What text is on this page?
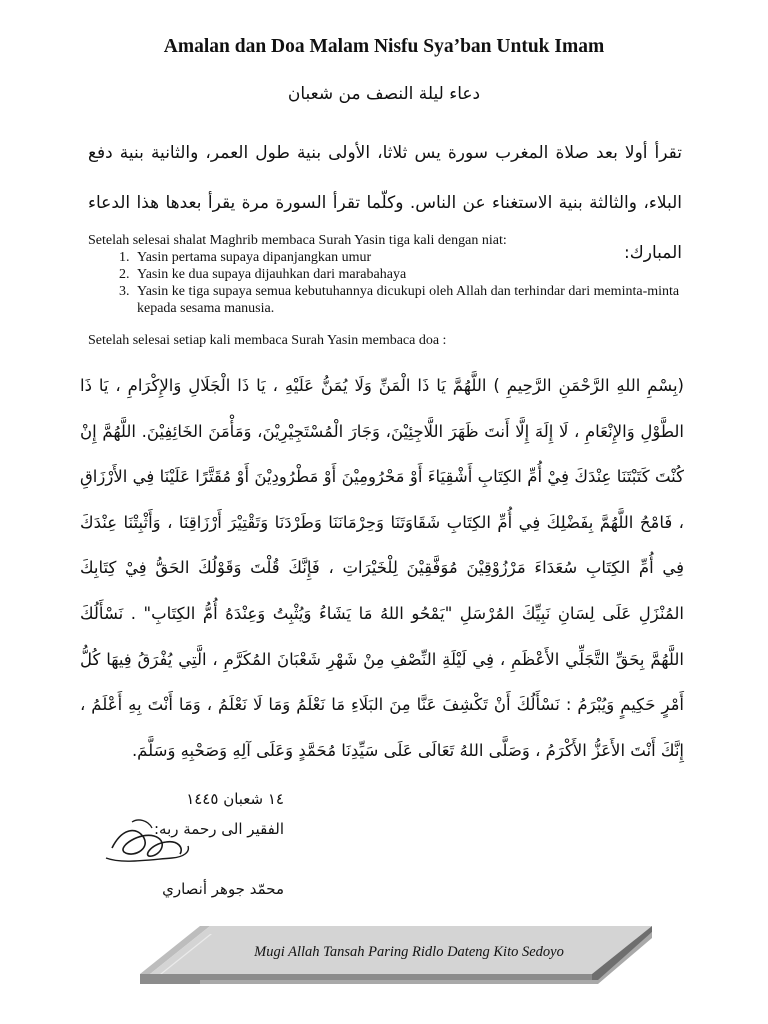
Amalan dan Doa Malam Nisfu Sya’ban Untuk Imam
دعاء ليلة النصف من شعبان
تقرأ أولا بعد صلاة المغرب سورة يس ثلاثا، الأولى بنية طول العمر، والثانية بنية دفع البلاء، والثالثة بنية الاستغناء عن الناس. وكلّما تقرأ السورة مرة يقرأ بعدها هذا الدعاء المبارك:
Setelah selesai shalat Maghrib membaca Surah Yasin tiga kali dengan niat:
1. Yasin pertama supaya dipanjangkan umur
2. Yasin ke dua supaya dijauhkan dari marabahaya
3. Yasin ke tiga supaya semua kebutuhannya dicukupi oleh Allah dan terhindar dari meminta-minta kepada sesama manusia.
Setelah selesai setiap kali membaca Surah Yasin membaca doa :
(بِسْمِ اللهِ الرَّحْمَنِ الرَّحِيمِ ) اللَّهُمَّ يَا ذَا الْمَنِّ وَلَا يُمَنُّ عَلَيْهِ ، يَا ذَا الْجَلَالِ وَالإِكْرَامِ ، يَا ذَا الطَّوْلِ وَالإِنْعَامِ ، لَا إِلَهَ إِلَّا أَنتَ ظَهَرَ اللَّاجِئِيْنَ، وَجَارَ الْمُسْتَجِيْرِيْنَ، وَمَأْمَنَ الخَائِفِيْنَ. اللَّهُمَّ إِنْ كُنْتَ كَتَبْتَنَا عِنْدَكَ فِيْ أُمِّ الكِتَابِ أَشْقِيَاءَ أَوْ مَحْرُومِيْنَ أَوْ مَطْرُودِيْنَ أَوْ مُقَتَّرًا عَلَيْنَا فِي الأَرْزَاقِ ، فَامْحُ اللَّهُمَّ بِفَضْلِكَ فِي أُمِّ الكِتَابِ شَقَاوَتَنَا وَحِرْمَانَنَا وَطَرْدَنَا وَتَقْتِيْرَ أَرْزَاقِنَا ، وَأَثْبِتْنَا عِنْدَكَ فِي أُمِّ الكِتَابِ سُعَدَاءَ مَرْزُوْقِيْنَ مُوَفَّقِيْنَ لِلْخَيْرَاتِ ، فَإِنَّكَ قُلْتَ وَقَوْلُكَ الحَقُّ فِيْ كِتَابِكَ المُنْزَلِ عَلَى لِسَانِ نَبِيِّكَ المُرْسَلِ "يَمْحُو اللهُ مَا يَشَاءُ وَيُثْبِتُ وَعِنْدَهُ أُمُّ الكِتَابِ" . نَسْأَلُكَ اللَّهُمَّ بِحَقِّ التَّجَلِّي الأَعْظَمِ ، فِي لَيْلَةِ النِّصْفِ مِنْ شَهْرِ شَعْبَانَ المُكَرَّمِ ، الَّتِي يُفْرَقُ فِيهَا كُلُّ أَمْرٍ حَكِيمٍ وَيُبْرَمُ : نَسْأَلُكَ أَنْ تَكْشِفَ عَنَّا مِنَ البَلَاءِ مَا نَعْلَمُ وَمَا لَا نَعْلَمُ ، وَمَا أَنْتَ بِهِ أَعْلَمُ ، إِنَّكَ أَنْتَ الأَعَزُّ الأَكْرَمُ ، وَصَلَّى اللهُ تَعَالَى عَلَى سَيِّدِنَا مُحَمَّدٍ وَعَلَى آلِهِ وَصَحْبِهِ وَسَلَّمَ.
١٤ شعبان ١٤٤٥
الفقير الى رحمة ربه:
محمّد جوهر أنصاري
Mugi Allah Tansah Paring Ridlo Dateng Kito Sedoyo
